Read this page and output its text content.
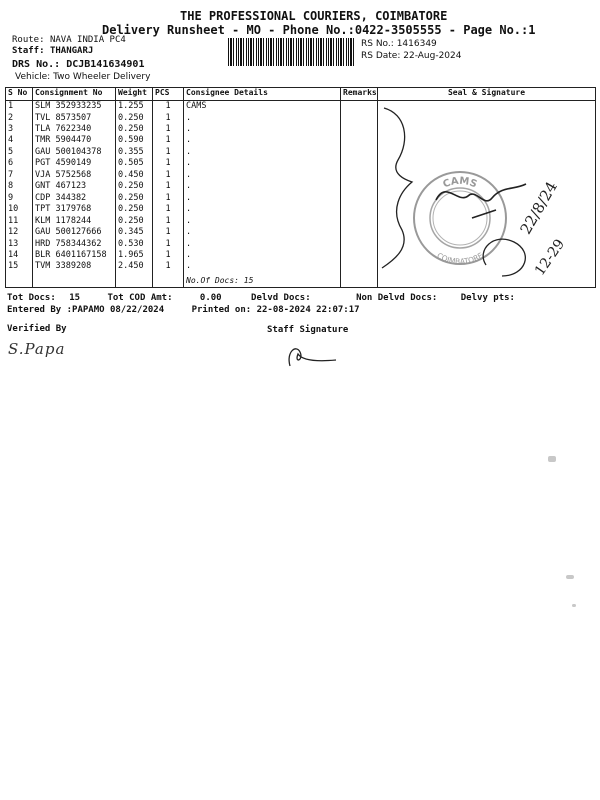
THE PROFESSIONAL COURIERS, COIMBATORE
Delivery Runsheet - MO - Phone No.:0422-3505555 - Page No.:1
Route: NAVA INDIA PC4
Staff: THANGARJ
DRS No.: DCJB141634901
Vehicle: Two Wheeler Delivery
RS No.: 1416349
RS Date: 22-Aug-2024
S No	Consignment No	Weight	PCS	Consignee Details	Remarks	Seal & Signature
1	SLM 352933235	1.255	1	CAMS		

2	TVL 8573507	0.250	1	.		
3	TLA 7622340	0.250	1	.		
4	TMR 5904470	0.590	1	.		
5	GAU 500104378	0.355	1	.		
6	PGT 4590149	0.505	1	.		
7	VJA 5752568	0.450	1	.		
8	GNT 467123	0.250	1	.		
9	CDP 344382	0.250	1	.		
10	TPT 3179768	0.250	1	.		
11	KLM 1178244	0.250	1	.		
12	GAU 500127666	0.345	1	.		
13	HRD 758344362	0.530	1	.		
14	BLR 6401167158	1.965	1	.		
15	TVM 3389208	2.450	1	.		

				No.Of Docs: 15		

CAMS
COIMBATORE
22/8/24
12-29
Tot Docs: 15	Tot COD Amt:	0.00	Delvd Docs:	Non Delvd Docs:	Delvy pts:
Entered By :PAPAMO 08/22/2024	Printed on: 22-08-2024 22:07:17
Verified By	Staff Signature
S.Papa
